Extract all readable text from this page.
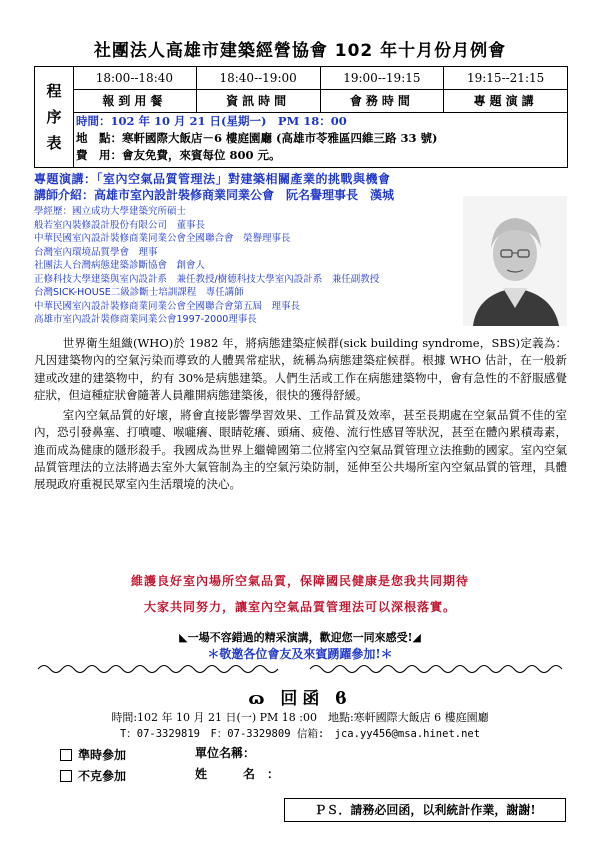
社團法人高雄市建築經營協會 102 年十月份月例會
程
序
表
18:00--18:40	18:40--19:00	19:00--19:15	19:15--21:15
報到用餐	資訊時間	會務時間	專題演講
時間：102 年 10 月 21 日(星期一)　PM 18：00
地　點：寒軒國際大飯店－6 樓庭園廳 (高雄市苓雅區四維三路 33 號)
費　用：會友免費，來賓每位 800 元。
專題演講：「室內空氣品質管理法」對建築相關產業的挑戰與機會
講師介紹：高雄市室內設計裝修商業同業公會　阮名譽理事長　漢城
學經歷：國立成功大學建築究所碩士
般若室內裝修設計股份有限公司　董事長
中華民國室內設計裝修商業同業公會全國聯合會　榮譽理事長
台灣室內環境品質學會　理事
社團法人台灣病態建築診斷協會　創會人
正修科技大學建築與室內設計系　兼任教授/樹德科技大學室內設計系　兼任副教授
台灣SICK-HOUSE二級診斷士培訓課程　專任講師
中華民國室內設計裝修商業同業公會全國聯合會第五屆　理事長
高雄市室內設計裝修商業同業公會1997-2000理事長
世界衛生組織(WHO)於 1982 年，將病態建築症候群(sick building syndrome，SBS)定義為：凡因建築物內的空氣污染而導致的人體異常症狀，統稱為病態建築症候群。根據 WHO 估計，在一般新建或改建的建築物中，約有 30%是病態建築。人們生活或工作在病態建築物中，會有急性的不舒服感覺症狀，但這種症狀會隨著人員離開病態建築後，很快的獲得舒緩。
室內空氣品質的好壞，將會直接影響學習效果、工作品質及效率，甚至長期處在空氣品質不佳的室內，恐引發鼻塞、打噴嚏、喉嚨癢、眼睛乾癢、頭痛、疲倦、流行性感冒等狀況，甚至在體內累積毒素，進而成為健康的隱形殺手。我國成為世界上繼韓國第二位將室內空氣品質管理立法推動的國家。室內空氣品質管理法的立法將過去室外大氣管制為主的空氣污染防制，延伸至公共場所室內空氣品質的管理，具體展現政府重視民眾室內生活環境的決心。
維護良好室內場所空氣品質，保障國民健康是您我共同期待
大家共同努力，讓室內空氣品質管理法可以深根落實。
◣一場不容錯過的精采演講，歡迎您一同來感受!◢
＊敬邀各位會友及來賓踴躍參加!＊
ɷ 回函 ϐ
時間:102 年 10 月 21 日(一) PM 18 :00　地點:寒軒國際大飯店 6 樓庭園廳
T：07-3329819　F：07-3329809 信箱:　jca.yy456@msa.hinet.net
準時參加
不克參加
單位名稱：
姓　名：
ＰＳ．請務必回函，以利統計作業，謝謝!
